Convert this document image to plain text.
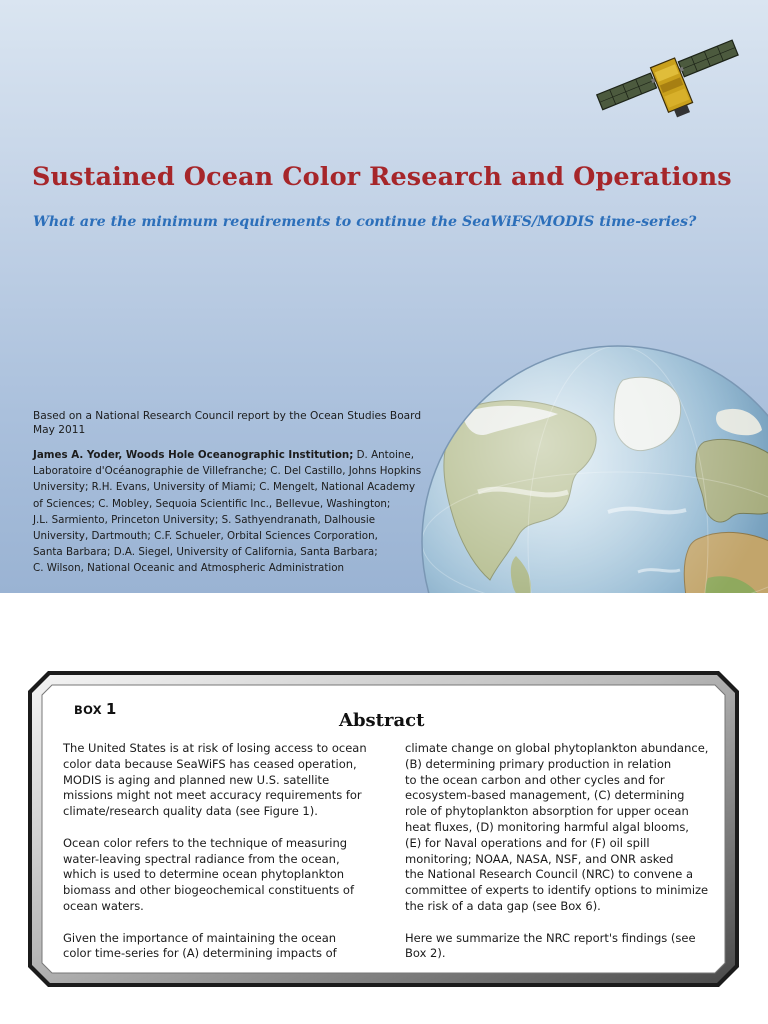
Sustained Ocean Color Research and Operations
What are the minimum requirements to continue the SeaWiFS/MODIS time-series?
Based on a National Research Council report by the Ocean Studies Board
May 2011
James A. Yoder, Woods Hole Oceanographic Institution; D. Antoine,
Laboratoire d'Océanographie de Villefranche; C. Del Castillo, Johns Hopkins
University; R.H. Evans, University of Miami; C. Mengelt, National Academy
of Sciences; C. Mobley, Sequoia Scientific Inc., Bellevue, Washington;
J.L. Sarmiento, Princeton University; S. Sathyendranath, Dalhousie
University, Dartmouth; C.F. Schueler, Orbital Sciences Corporation,
Santa Barbara; D.A. Siegel, University of California, Santa Barbara;
C. Wilson, National Oceanic and Atmospheric Administration
BOX 1
Abstract
The United States is at risk of losing access to ocean
color data because SeaWiFS has ceased operation,
MODIS is aging and planned new U.S. satellite
missions might not meet accuracy requirements for
climate/research quality data (see Figure 1).
Ocean color refers to the technique of measuring
water-leaving spectral radiance from the ocean,
which is used to determine ocean phytoplankton
biomass and other biogeochemical constituents of
ocean waters.
Given the importance of maintaining the ocean
color time-series for (A) determining impacts of
climate change on global phytoplankton abundance,
(B) determining primary production in relation
to the ocean carbon and other cycles and for
ecosystem-based management, (C) determining
role of phytoplankton absorption for upper ocean
heat fluxes, (D) monitoring harmful algal blooms,
(E) for Naval operations and for (F) oil spill
monitoring; NOAA, NASA, NSF, and ONR asked
the National Research Council (NRC) to convene a
committee of experts to identify options to minimize
the risk of a data gap (see Box 6).
Here we summarize the NRC report's findings (see
Box 2).
